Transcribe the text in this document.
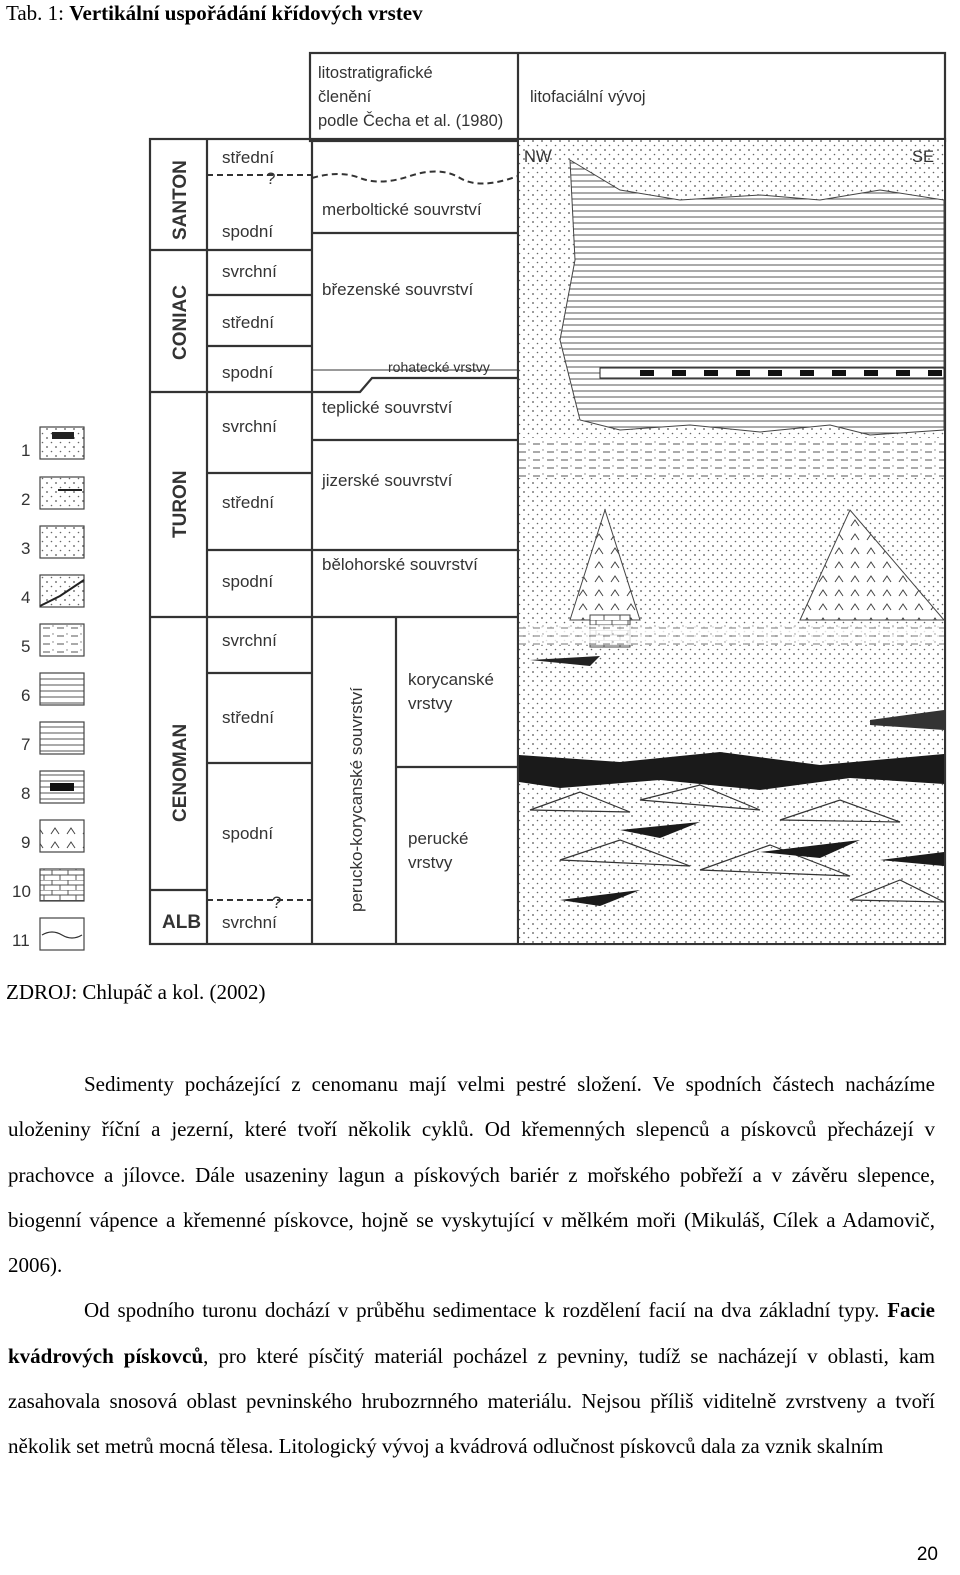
Tab. 1: Vertikální uspořádání křídových vrstev
1
2
3
4
5
6
7
8
9
10
11
litostratigrafické
členění
podle Čecha et al. (1980)
litofaciální vývoj
NW	SE
SANTON
CONIAC
TURON
CENOMAN
ALB
střední
spodní
svrchní
střední
spodní
svrchní
střední
spodní
svrchní
střední
spodní
svrchní
?
?
merboltické souvrství
březenské souvrství
rohatecké vrstvy
teplické souvrství
jizerské souvrství
bělohorské souvrství
perucko-korycanské souvrství
korycanské
vrstvy
perucké
vrstvy
ZDROJ: Chlupáč a kol. (2002)

Sedimenty pocházející z cenomanu mají velmi pestré složení. Ve spodních částech nacházíme uloženiny říční a jezerní, které tvoří několik cyklů. Od křemenných slepenců a pískovců přecházejí v prachovce a jílovce. Dále usazeniny lagun a pískových bariér z mořského pobřeží a v závěru slepence, biogenní vápence a křemenné pískovce, hojně se vyskytující v mělkém moři (Mikuláš, Cílek a Adamovič, 2006).

Od spodního turonu dochází v průběhu sedimentace k rozdělení facií na dva základní typy. Facie kvádrových pískovců, pro které písčitý materiál pocházel z pevniny, tudíž se nacházejí v oblasti, kam zasahovala snosová oblast pevninského hrubozrnného materiálu. Nejsou příliš viditelně zvrstveny a tvoří několik set metrů mocná tělesa. Litologický vývoj a kvádrová odlučnost pískovců dala za vznik skalním

20
